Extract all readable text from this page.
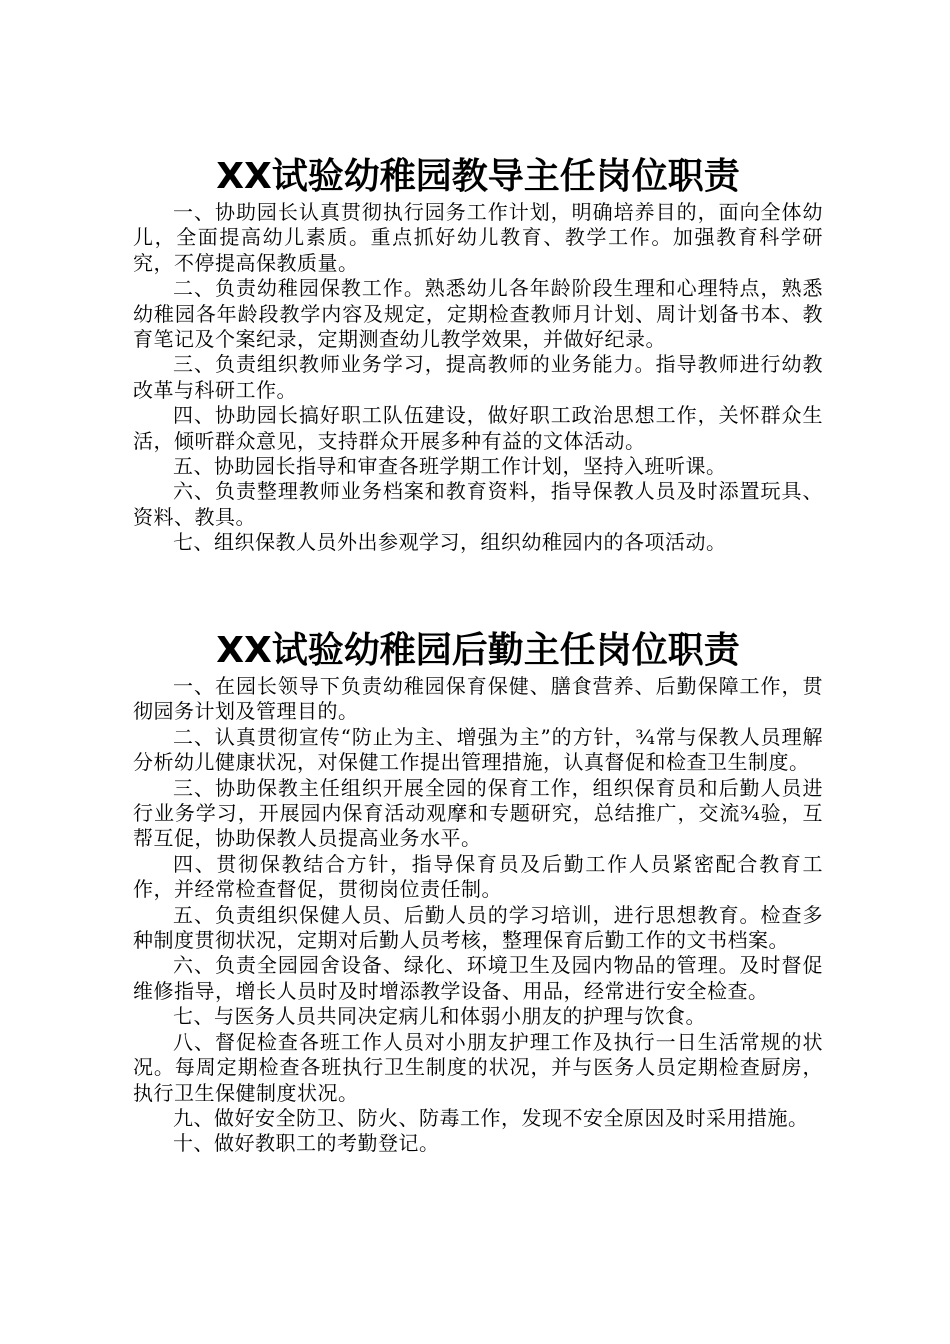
XX试验幼稚园教导主任岗位职责

一、协助园长认真贯彻执行园务工作计划，明确培养目的，面向全体幼儿，全面提高幼儿素质。重点抓好幼儿教育、教学工作。加强教育科学研究，不停提高保教质量。

二、负责幼稚园保教工作。熟悉幼儿各年龄阶段生理和心理特点，熟悉幼稚园各年龄段教学内容及规定，定期检查教师月计划、周计划备书本、教育笔记及个案纪录，定期测查幼儿教学效果，并做好纪录。

三、负责组织教师业务学习，提高教师的业务能力。指导教师进行幼教改革与科研工作。

四、协助园长搞好职工队伍建设，做好职工政治思想工作，关怀群众生活，倾听群众意见，支持群众开展多种有益的文体活动。

五、协助园长指导和审查各班学期工作计划，坚持入班听课。

六、负责整理教师业务档案和教育资料，指导保教人员及时添置玩具、资料、教具。

七、组织保教人员外出参观学习，组织幼稚园内的各项活动。

XX试验幼稚园后勤主任岗位职责

一、在园长领导下负责幼稚园保育保健、膳食营养、后勤保障工作，贯彻园务计划及管理目的。

二、认真贯彻宣传“防止为主、增强为主”的方针，¾常与保教人员理解分析幼儿健康状况，对保健工作提出管理措施，认真督促和检查卫生制度。

三、协助保教主任组织开展全园的保育工作，组织保育员和后勤人员进行业务学习，开展园内保育活动观摩和专题研究，总结推广，交流¾验，互帮互促，协助保教人员提高业务水平。

四、贯彻保教结合方针，指导保育员及后勤工作人员紧密配合教育工作，并经常检查督促，贯彻岗位责任制。

五、负责组织保健人员、后勤人员的学习培训，进行思想教育。检查多种制度贯彻状况，定期对后勤人员考核，整理保育后勤工作的文书档案。

六、负责全园园舍设备、绿化、环境卫生及园内物品的管理。及时督促维修指导，增长人员时及时增添教学设备、用品，经常进行安全检查。

七、与医务人员共同决定病儿和体弱小朋友的护理与饮食。

八、督促检查各班工作人员对小朋友护理工作及执行一日生活常规的状况。每周定期检查各班执行卫生制度的状况，并与医务人员定期检查厨房，执行卫生保健制度状况。

九、做好安全防卫、防火、防毒工作，发现不安全原因及时采用措施。

十、做好教职工的考勤登记。
